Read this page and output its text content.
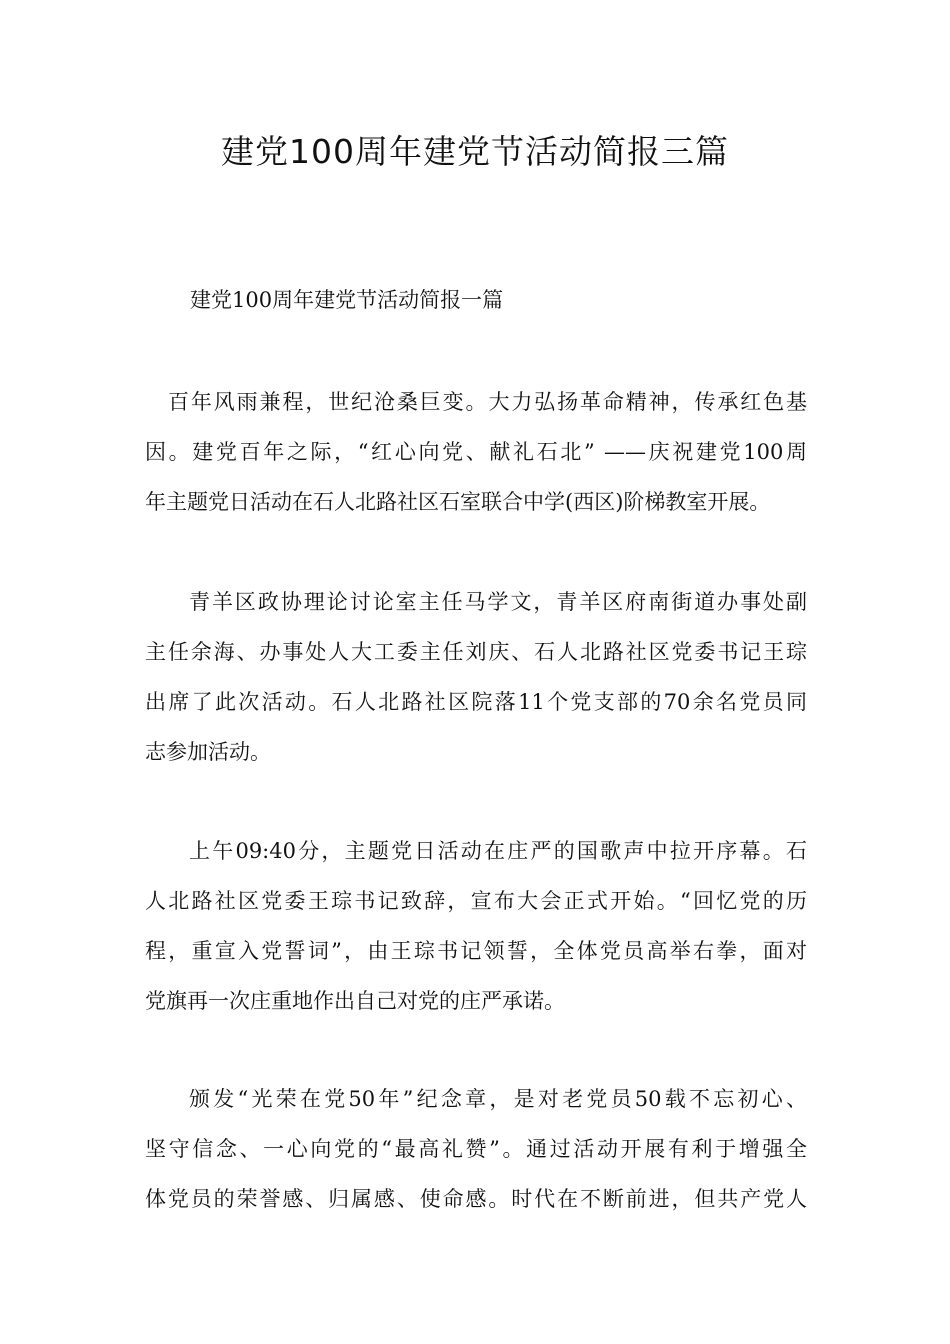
建党100周年建党节活动简报三篇

建党100周年建党节活动简报一篇

百年风雨兼程，世纪沧桑巨变。大力弘扬革命精神，传承红色基
因。建党百年之际，“红心向党、献礼石北” ——庆祝建党100周
年主题党日活动在石人北路社区石室联合中学(西区)阶梯教室开展。
青羊区政协理论讨论室主任马学文，青羊区府南街道办事处副
主任余海、办事处人大工委主任刘庆、石人北路社区党委书记王琮
出席了此次活动。石人北路社区院落11个党支部的70余名党员同
志参加活动。
上午09:40分，主题党日活动在庄严的国歌声中拉开序幕。石
人北路社区党委王琮书记致辞，宣布大会正式开始。“回忆党的历
程，重宣入党誓词”，由王琮书记领誓，全体党员高举右拳，面对
党旗再一次庄重地作出自己对党的庄严承诺。
颁发“光荣在党50年”纪念章，是对老党员50载不忘初心、
坚守信念、一心向党的“最高礼赞”。通过活动开展有利于增强全
体党员的荣誉感、归属感、使命感。时代在不断前进，但共产党人
